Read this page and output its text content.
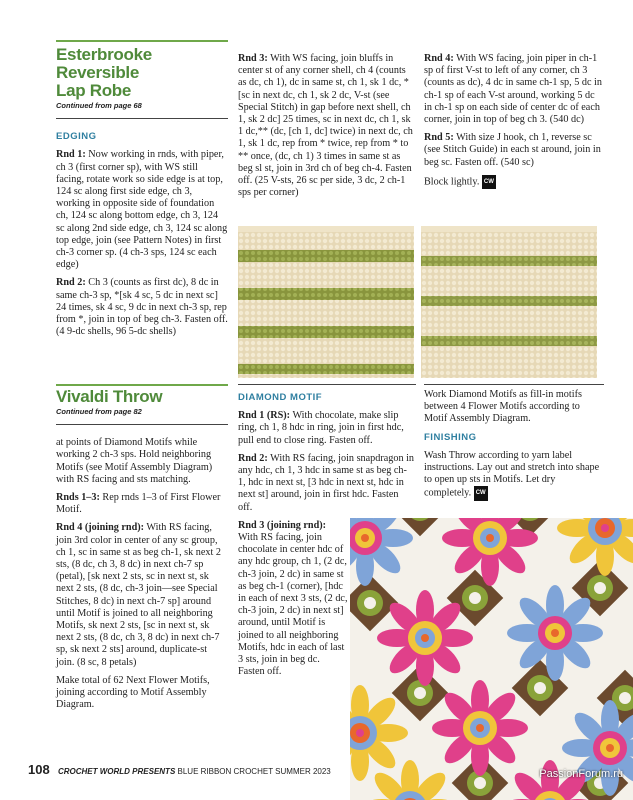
Esterbrooke Reversible
Lap Robe

Continued from page 68

EDGING

Rnd 1: Now working in rnds, with piper, ch 3 (first corner sp), with WS still facing, rotate work so side edge is at top, 124 sc along first side edge, ch 3, working in opposite side of foundation ch, 124 sc along bottom edge, ch 3, 124 sc along 2nd side edge, ch 3, 124 sc along top edge, join (see Pattern Notes) in first ch-3 corner sp. (4 ch-3 sps, 124 sc each edge)

Rnd 2: Ch 3 (counts as first dc), 8 dc in same ch-3 sp, *[sk 4 sc, 5 dc in next sc] 24 times, sk 4 sc, 9 dc in next ch-3 sp, rep from *, join in top of beg ch-3. Fasten off. (4 9-dc shells, 96 5-dc shells)

Rnd 3: With WS facing, join bluffs in center st of any corner shell, ch 4 (counts as dc, ch 1), dc in same st, ch 1, sk 1 dc, *[sc in next dc, ch 1, sk 2 dc, V-st (see Special Stitch) in gap before next shell, ch 1, sk 2 dc] 25 times, sc in next dc, ch 1, sk 1 dc,** (dc, [ch 1, dc] twice) in next dc, ch 1, sk 1 dc, rep from * twice, rep from * to ** once, (dc, ch 1) 3 times in same st as beg sl st, join in 3rd ch of beg ch-4. Fasten off. (25 V-sts, 26 sc per side, 3 dc, 2 ch-1 sps per corner)

Rnd 4: With WS facing, join piper in ch-1 sp of first V-st to left of any corner, ch 3 (counts as dc), 4 dc in same ch-1 sp, 5 dc in ch-1 sp of each V-st around, working 5 dc in ch-1 sp on each side of center dc of each corner, join in top of beg ch 3. (540 dc)

Rnd 5: With size J hook, ch 1, reverse sc (see Stitch Guide) in each st around, join in beg sc. Fasten off. (540 sc)

Block lightly. CW

Vivaldi Throw

Continued from page 82

at points of Diamond Motifs while working 2 ch-3 sps. Hold neighboring Motifs (see Motif Assembly Diagram) with RS facing and sts matching.

Rnds 1–3: Rep rnds 1–3 of First Flower Motif.

Rnd 4 (joining rnd): With RS facing, join 3rd color in center of any sc group, ch 1, sc in same st as beg ch-1, sk next 2 sts, (8 dc, ch 3, 8 dc) in next ch-7 sp (petal), [sk next 2 sts, sc in next st, sk next 2 sts, (8 dc, ch-3 join—see Special Stitches, 8 dc) in next ch-7 sp] around until Motif is joined to all neighboring Motifs, sk next 2 sts, [sc in next st, sk next 2 sts, (8 dc, ch 3, 8 dc) in next ch-7 sp, sk next 2 sts] around, duplicate-st join. (8 sc, 8 petals)

Make total of 62 Next Flower Motifs, joining according to Motif Assembly Diagram.

DIAMOND MOTIF

Rnd 1 (RS): With chocolate, make slip ring, ch 1, 8 hdc in ring, join in first hdc, pull end to close ring. Fasten off.

Rnd 2: With RS facing, join snapdragon in any hdc, ch 1, 3 hdc in same st as beg ch-1, hdc in next st, [3 hdc in next st, hdc in next st] around, join in first hdc. Fasten off.

Rnd 3 (joining rnd): With RS facing, join chocolate in center hdc of any hdc group, ch 1, (2 dc, ch-3 join, 2 dc) in same st as beg ch-1 (corner), [hdc in each of next 3 sts, (2 dc, ch-3 join, 2 dc) in next st] around, until Motif is joined to all neighboring Motifs, hdc in each of last 3 sts, join in beg dc. Fasten off.

Work Diamond Motifs as fill-in motifs between 4 Flower Motifs according to Motif Assembly Diagram.

FINISHING

Wash Throw according to yarn label instructions. Lay out and stretch into shape to open up sts in Motifs. Let dry completely. CW

108 CROCHET WORLD PRESENTS BLUE RIBBON CROCHET SUMMER 2023	PassionForum.ru
